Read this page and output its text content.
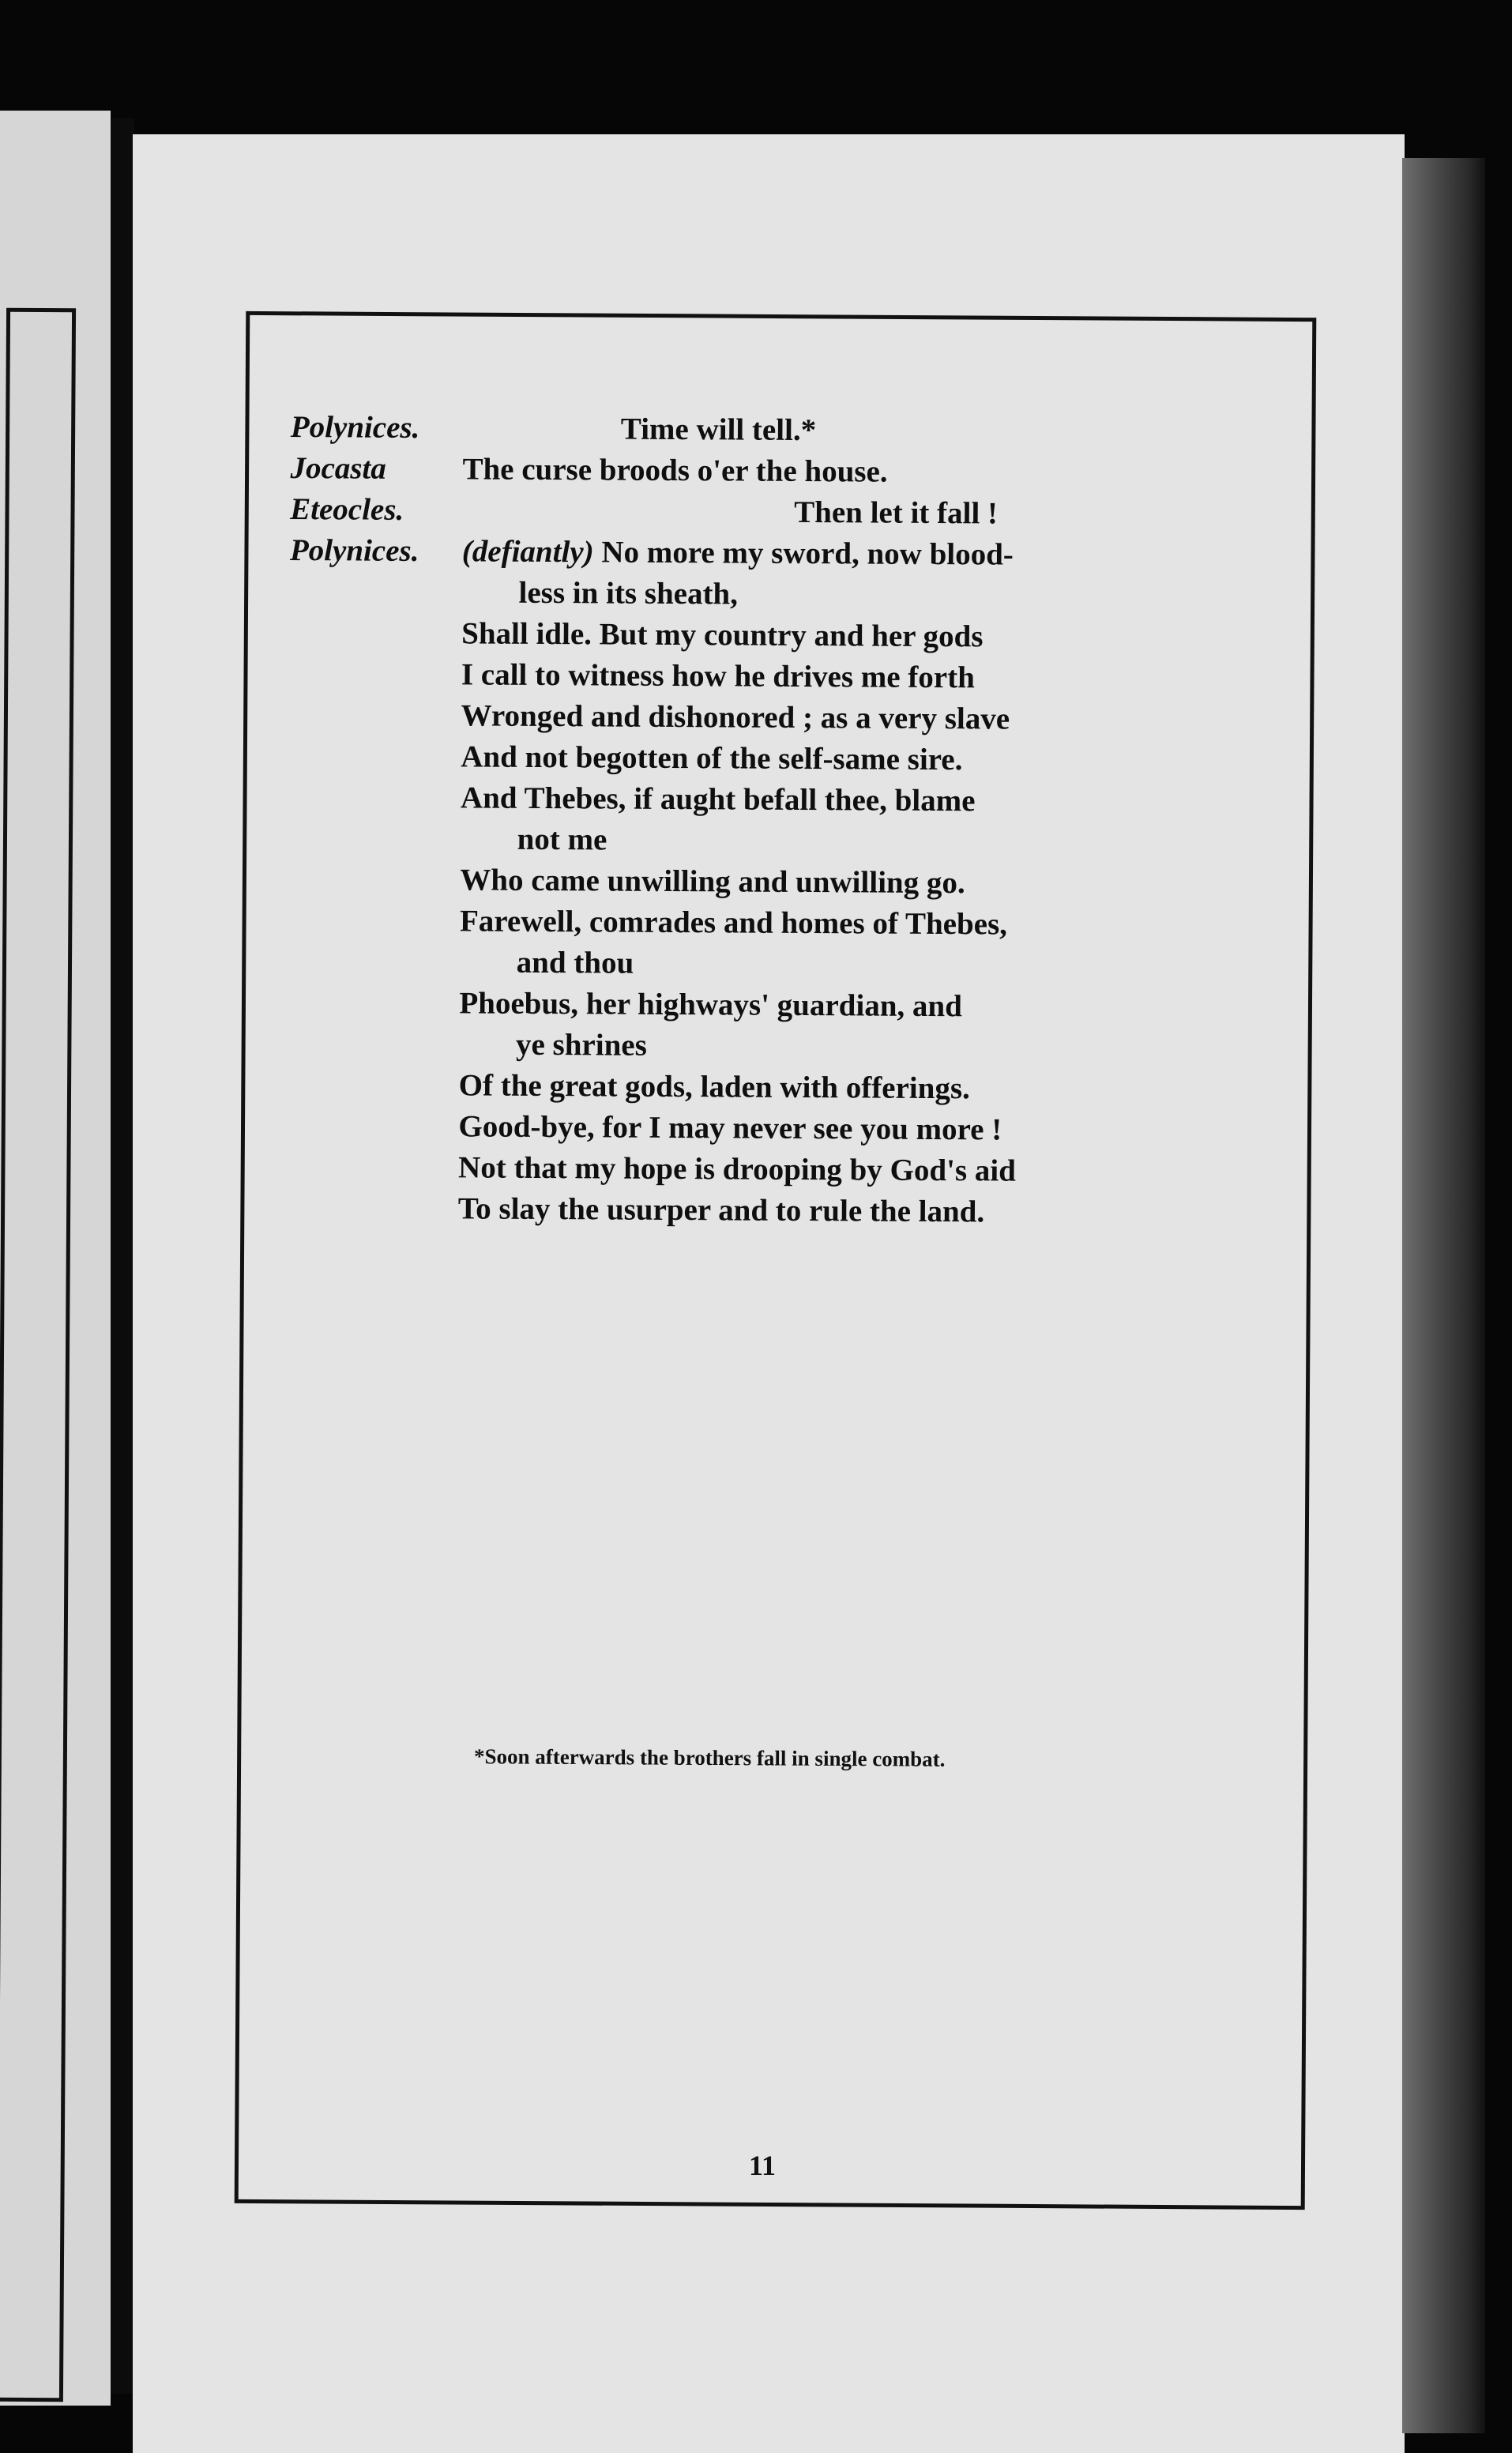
Polynices.	Time will tell.*
Jocasta The curse broods o'er the house.
Eteocles.	Then let it fall !
Polynices. (defiantly) No more my sword, now blood-
less in its sheath,
Shall idle. But my country and her gods
I call to witness how he drives me forth
Wronged and dishonored ; as a very slave
And not begotten of the self-same sire.
And Thebes, if aught befall thee, blame
not me
Who came unwilling and unwilling go.
Farewell, comrades and homes of Thebes,
and thou
Phoebus, her highways' guardian, and
ye shrines
Of the great gods, laden with offerings.
Good-bye, for I may never see you more !
Not that my hope is drooping by God's aid
To slay the usurper and to rule the land.
*Soon afterwards the brothers fall in single combat.
11
